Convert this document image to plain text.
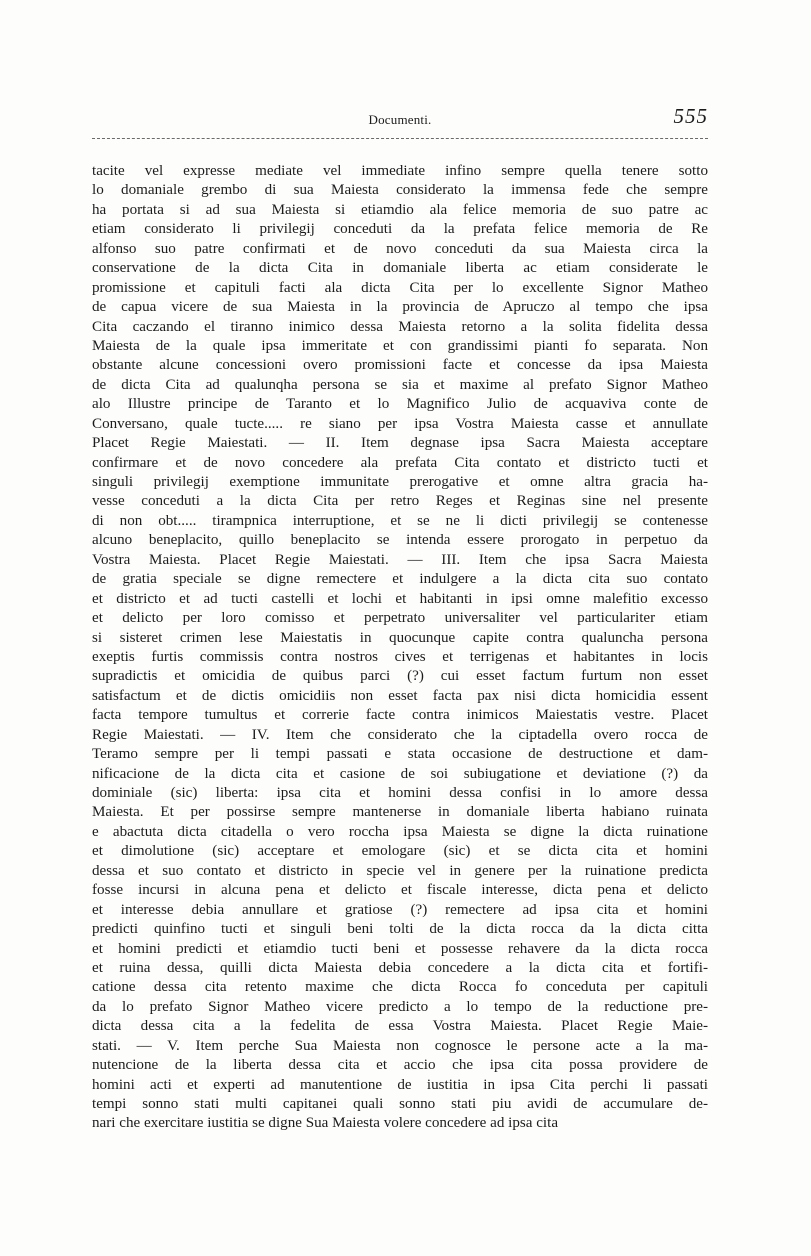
Documenti.	555
tacite vel expresse mediate vel immediate infino sempre quella tenere sotto
lo domaniale grembo di sua Maiesta considerato la immensa fede che sempre
ha portata si ad sua Maiesta si etiamdio ala felice memoria de suo patre ac
etiam considerato li privilegij conceduti da la prefata felice memoria de Re
alfonso suo patre confirmati et de novo conceduti da sua Maiesta circa la
conservatione de la dicta Cita in domaniale liberta ac etiam considerate le
promissione et capituli facti ala dicta Cita per lo excellente Signor Matheo
de capua vicere de sua Maiesta in la provincia de Apruczo al tempo che ipsa
Cita caczando el tiranno inimico dessa Maiesta retorno a la solita fidelita dessa
Maiesta de la quale ipsa immeritate et con grandissimi pianti fo separata. Non
obstante alcune concessioni overo promissioni facte et concesse da ipsa Maiesta
de dicta Cita ad qualunqha persona se sia et maxime al prefato Signor Matheo
alo Illustre principe de Taranto et lo Magnifico Julio de acquaviva conte de
Conversano, quale tucte..... re siano per ipsa Vostra Maiesta casse et annullate
Placet Regie Maiestati. — II. Item degnase ipsa Sacra Maiesta acceptare
confirmare et de novo concedere ala prefata Cita contato et districto tucti et
singuli privilegij exemptione immunitate prerogative et omne altra gracia ha-
vesse conceduti a la dicta Cita per retro Reges et Reginas sine nel presente
di non obt..... tirampnica interruptione, et se ne li dicti privilegij se contenesse
alcuno beneplacito, quillo beneplacito se intenda essere prorogato in perpetuo da
Vostra Maiesta. Placet Regie Maiestati. — III. Item che ipsa Sacra Maiesta
de gratia speciale se digne remectere et indulgere a la dicta cita suo contato
et districto et ad tucti castelli et lochi et habitanti in ipsi omne malefitio excesso
et delicto per loro comisso et perpetrato universaliter vel particulariter etiam
si sisteret crimen lese Maiestatis in quocunque capite contra qualuncha persona
exeptis furtis commissis contra nostros cives et terrigenas et habitantes in locis
supradictis et omicidia de quibus parci (?) cui esset factum furtum non esset
satisfactum et de dictis omicidiis non esset facta pax nisi dicta homicidia essent
facta tempore tumultus et correrie facte contra inimicos Maiestatis vestre. Placet
Regie Maiestati. — IV. Item che considerato che la ciptadella overo rocca de
Teramo sempre per li tempi passati e stata occasione de destructione et dam-
nificacione de la dicta cita et casione de soi subiugatione et deviatione (?) da
dominiale (sic) liberta: ipsa cita et homini dessa confisi in lo amore dessa
Maiesta. Et per possirse sempre mantenerse in domaniale liberta habiano ruinata
e abactuta dicta citadella o vero roccha ipsa Maiesta se digne la dicta ruinatione
et dimolutione (sic) acceptare et emologare (sic) et se dicta cita et homini
dessa et suo contato et districto in specie vel in genere per la ruinatione predicta
fosse incursi in alcuna pena et delicto et fiscale interesse, dicta pena et delicto
et interesse debia annullare et gratiose (?) remectere ad ipsa cita et homini
predicti quinfino tucti et singuli beni tolti de la dicta rocca da la dicta citta
et homini predicti et etiamdio tucti beni et possesse rehavere da la dicta rocca
et ruina dessa, quilli dicta Maiesta debia concedere a la dicta cita et fortifi-
catione dessa cita retento maxime che dicta Rocca fo conceduta per capituli
da lo prefato Signor Matheo vicere predicto a lo tempo de la reductione pre-
dicta dessa cita a la fedelita de essa Vostra Maiesta. Placet Regie Maie-
stati. — V. Item perche Sua Maiesta non cognosce le persone acte a la ma-
nutencione de la liberta dessa cita et accio che ipsa cita possa providere de
homini acti et experti ad manutentione de iustitia in ipsa Cita perchi li passati
tempi sonno stati multi capitanei quali sonno stati piu avidi de accumulare de-
nari che exercitare iustitia se digne Sua Maiesta volere concedere ad ipsa cita
